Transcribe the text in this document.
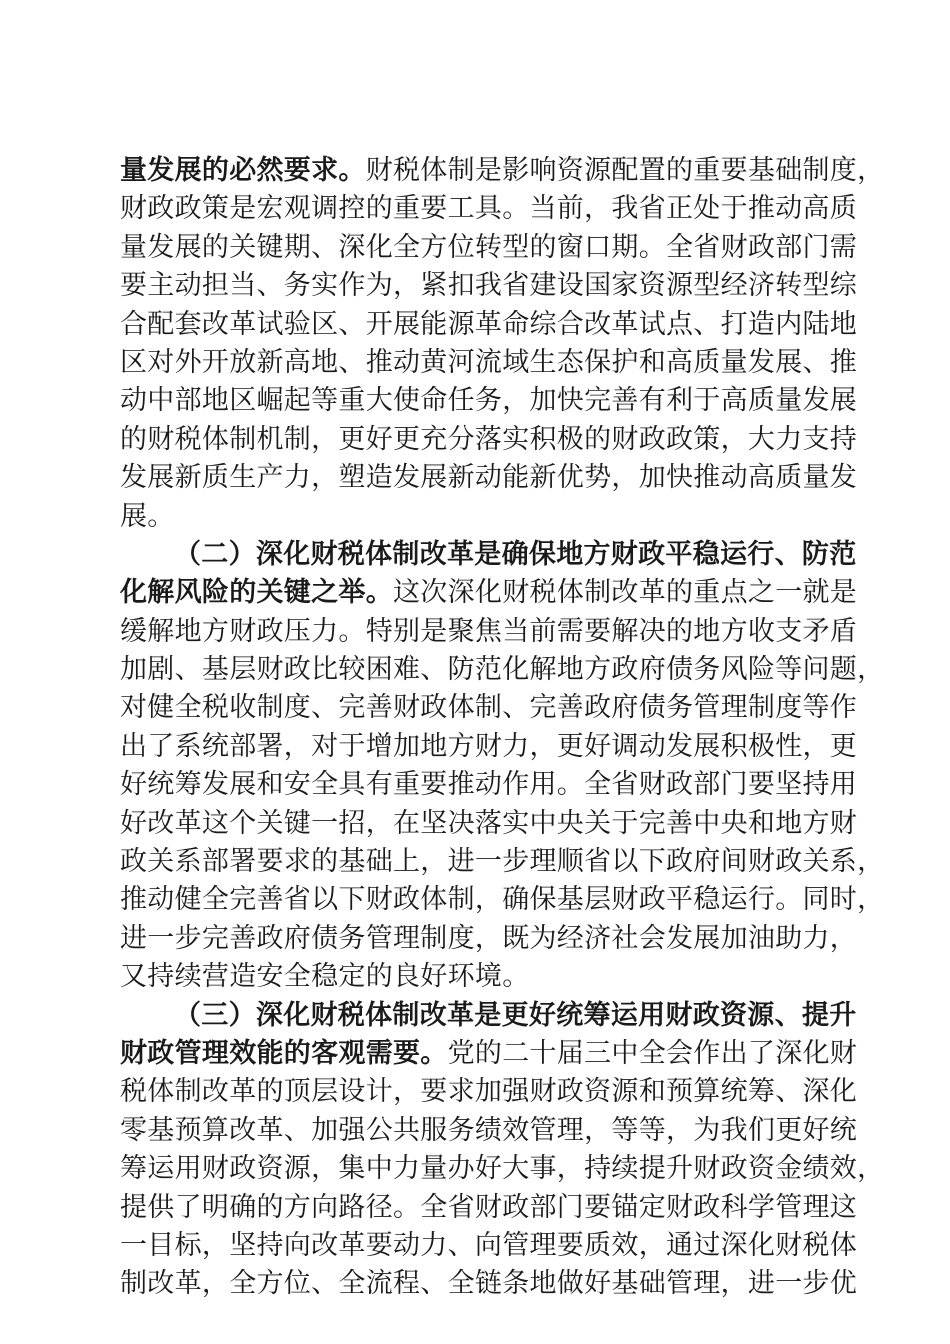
量发展的必然要求。财税体制是影响资源配置的重要基础制度，
财政政策是宏观调控的重要工具。当前，我省正处于推动高质
量发展的关键期、深化全方位转型的窗口期。全省财政部门需
要主动担当、务实作为，紧扣我省建设国家资源型经济转型综
合配套改革试验区、开展能源革命综合改革试点、打造内陆地
区对外开放新高地、推动黄河流域生态保护和高质量发展、推
动中部地区崛起等重大使命任务，加快完善有利于高质量发展
的财税体制机制，更好更充分落实积极的财政政策，大力支持
发展新质生产力，塑造发展新动能新优势，加快推动高质量发
展。
（二）深化财税体制改革是确保地方财政平稳运行、防范
化解风险的关键之举。这次深化财税体制改革的重点之一就是
缓解地方财政压力。特别是聚焦当前需要解决的地方收支矛盾
加剧、基层财政比较困难、防范化解地方政府债务风险等问题，
对健全税收制度、完善财政体制、完善政府债务管理制度等作
出了系统部署，对于增加地方财力，更好调动发展积极性，更
好统筹发展和安全具有重要推动作用。全省财政部门要坚持用
好改革这个关键一招，在坚决落实中央关于完善中央和地方财
政关系部署要求的基础上，进一步理顺省以下政府间财政关系，
推动健全完善省以下财政体制，确保基层财政平稳运行。同时，
进一步完善政府债务管理制度，既为经济社会发展加油助力，
又持续营造安全稳定的良好环境。
（三）深化财税体制改革是更好统筹运用财政资源、提升
财政管理效能的客观需要。党的二十届三中全会作出了深化财
税体制改革的顶层设计，要求加强财政资源和预算统筹、深化
零基预算改革、加强公共服务绩效管理，等等，为我们更好统
筹运用财政资源，集中力量办好大事，持续提升财政资金绩效，
提供了明确的方向路径。全省财政部门要锚定财政科学管理这
一目标，坚持向改革要动力、向管理要质效，通过深化财税体
制改革，全方位、全流程、全链条地做好基础管理，进一步优
